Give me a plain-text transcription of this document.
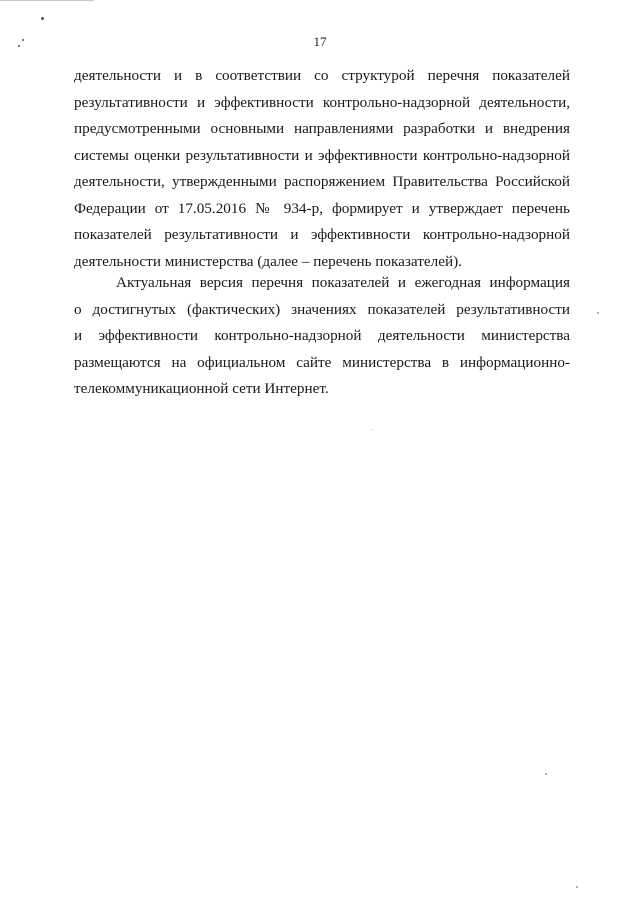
17
деятельности и в соответствии со структурой перечня показателей
результативности и эффективности контрольно-надзорной деятельности,
предусмотренными основными направлениями разработки и внедрения
системы оценки результативности и эффективности контрольно-надзорной
деятельности, утвержденными распоряжением Правительства Российской
Федерации от 17.05.2016 № 934-р, формирует и утверждает перечень
показателей результативности и эффективности контрольно-надзорной
деятельности министерства (далее – перечень показателей).
Актуальная версия перечня показателей и ежегодная информация
о достигнутых (фактических) значениях показателей результативности
и эффективности контрольно-надзорной деятельности министерства
размещаются на официальном сайте министерства в информационно-
телекоммуникационной сети Интернет.
